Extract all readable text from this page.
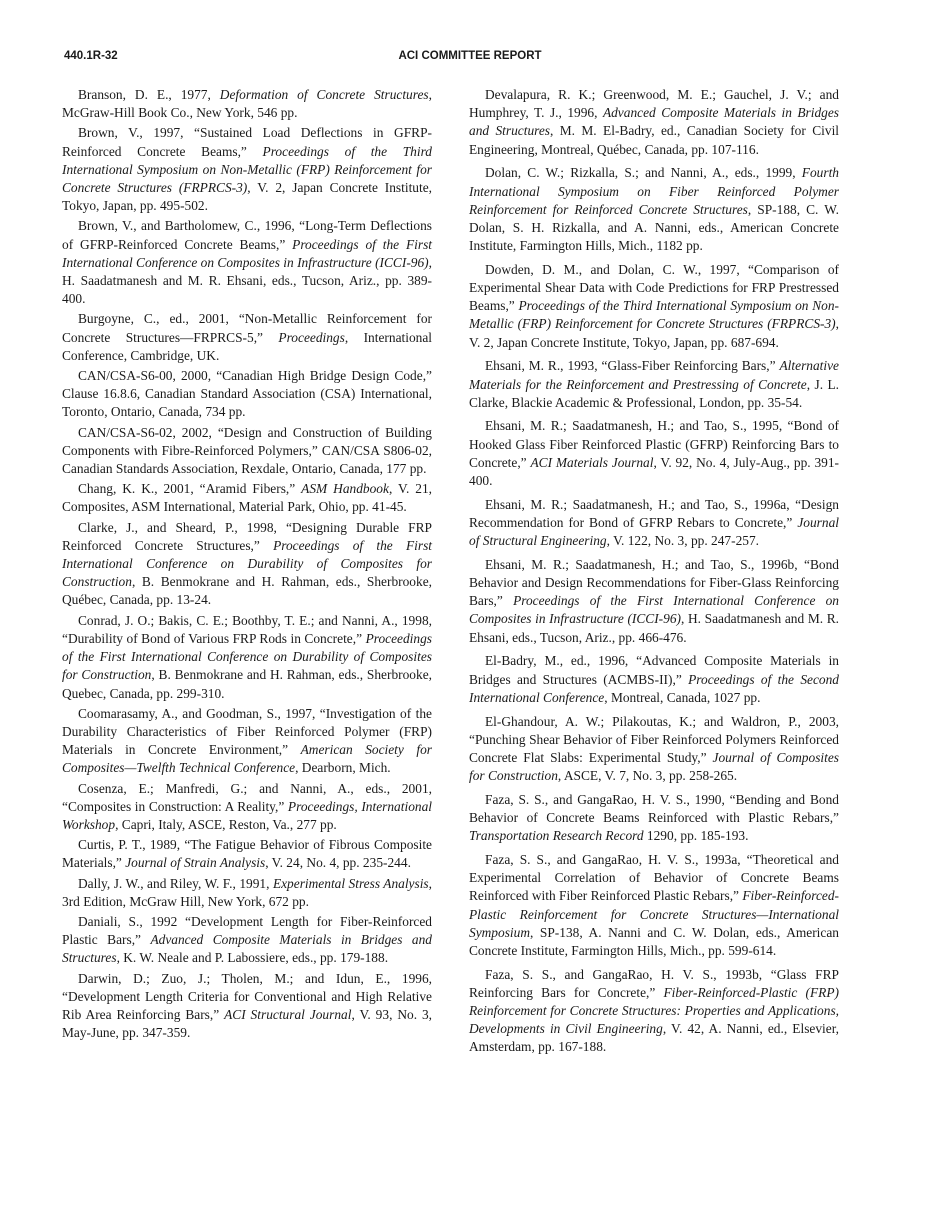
440.1R-32	ACI COMMITTEE REPORT

Branson, D. E., 1977, Deformation of Concrete Structures, McGraw-Hill Book Co., New York, 546 pp.

Brown, V., 1997, “Sustained Load Deflections in GFRP-Reinforced Concrete Beams,” Proceedings of the Third International Symposium on Non-Metallic (FRP) Reinforcement for Concrete Structures (FRPRCS-3), V. 2, Japan Concrete Institute, Tokyo, Japan, pp. 495-502.

Brown, V., and Bartholomew, C., 1996, “Long-Term Deflections of GFRP-Reinforced Concrete Beams,” Proceedings of the First International Conference on Composites in Infrastructure (ICCI-96), H. Saadatmanesh and M. R. Ehsani, eds., Tucson, Ariz., pp. 389-400.

Burgoyne, C., ed., 2001, “Non-Metallic Reinforcement for Concrete Structures—FRPRCS-5,” Proceedings, International Conference, Cambridge, UK.

CAN/CSA-S6-00, 2000, “Canadian High Bridge Design Code,” Clause 16.8.6, Canadian Standard Association (CSA) International, Toronto, Ontario, Canada, 734 pp.

CAN/CSA-S6-02, 2002, “Design and Construction of Building Components with Fibre-Reinforced Polymers,” CAN/CSA S806-02, Canadian Standards Association, Rexdale, Ontario, Canada, 177 pp.

Chang, K. K., 2001, “Aramid Fibers,” ASM Handbook, V. 21, Composites, ASM International, Material Park, Ohio, pp. 41-45.

Clarke, J., and Sheard, P., 1998, “Designing Durable FRP Reinforced Concrete Structures,” Proceedings of the First International Conference on Durability of Composites for Construction, B. Benmokrane and H. Rahman, eds., Sherbrooke, Québec, Canada, pp. 13-24.

Conrad, J. O.; Bakis, C. E.; Boothby, T. E.; and Nanni, A., 1998, “Durability of Bond of Various FRP Rods in Concrete,” Proceedings of the First International Conference on Durability of Composites for Construction, B. Benmokrane and H. Rahman, eds., Sherbrooke, Quebec, Canada, pp. 299-310.

Coomarasamy, A., and Goodman, S., 1997, “Investigation of the Durability Characteristics of Fiber Reinforced Polymer (FRP) Materials in Concrete Environment,” American Society for Composites—Twelfth Technical Conference, Dearborn, Mich.

Cosenza, E.; Manfredi, G.; and Nanni, A., eds., 2001, “Composites in Construction: A Reality,” Proceedings, International Workshop, Capri, Italy, ASCE, Reston, Va., 277 pp.

Curtis, P. T., 1989, “The Fatigue Behavior of Fibrous Composite Materials,” Journal of Strain Analysis, V. 24, No. 4, pp. 235-244.

Dally, J. W., and Riley, W. F., 1991, Experimental Stress Analysis, 3rd Edition, McGraw Hill, New York, 672 pp.

Daniali, S., 1992 “Development Length for Fiber-Reinforced Plastic Bars,” Advanced Composite Materials in Bridges and Structures, K. W. Neale and P. Labossiere, eds., pp. 179-188.

Darwin, D.; Zuo, J.; Tholen, M.; and Idun, E., 1996, “Development Length Criteria for Conventional and High Relative Rib Area Reinforcing Bars,” ACI Structural Journal, V. 93, No. 3, May-June, pp. 347-359.

Devalapura, R. K.; Greenwood, M. E.; Gauchel, J. V.; and Humphrey, T. J., 1996, Advanced Composite Materials in Bridges and Structures, M. M. El-Badry, ed., Canadian Society for Civil Engineering, Montreal, Québec, Canada, pp. 107-116.

Dolan, C. W.; Rizkalla, S.; and Nanni, A., eds., 1999, Fourth International Symposium on Fiber Reinforced Polymer Reinforcement for Reinforced Concrete Structures, SP-188, C. W. Dolan, S. H. Rizkalla, and A. Nanni, eds., American Concrete Institute, Farmington Hills, Mich., 1182 pp.

Dowden, D. M., and Dolan, C. W., 1997, “Comparison of Experimental Shear Data with Code Predictions for FRP Prestressed Beams,” Proceedings of the Third International Symposium on Non-Metallic (FRP) Reinforcement for Concrete Structures (FRPRCS-3), V. 2, Japan Concrete Institute, Tokyo, Japan, pp. 687-694.

Ehsani, M. R., 1993, “Glass-Fiber Reinforcing Bars,” Alternative Materials for the Reinforcement and Prestressing of Concrete, J. L. Clarke, Blackie Academic & Professional, London, pp. 35-54.

Ehsani, M. R.; Saadatmanesh, H.; and Tao, S., 1995, “Bond of Hooked Glass Fiber Reinforced Plastic (GFRP) Reinforcing Bars to Concrete,” ACI Materials Journal, V. 92, No. 4, July-Aug., pp. 391-400.

Ehsani, M. R.; Saadatmanesh, H.; and Tao, S., 1996a, “Design Recommendation for Bond of GFRP Rebars to Concrete,” Journal of Structural Engineering, V. 122, No. 3, pp. 247-257.

Ehsani, M. R.; Saadatmanesh, H.; and Tao, S., 1996b, “Bond Behavior and Design Recommendations for Fiber-Glass Reinforcing Bars,” Proceedings of the First International Conference on Composites in Infrastructure (ICCI-96), H. Saadatmanesh and M. R. Ehsani, eds., Tucson, Ariz., pp. 466-476.

El-Badry, M., ed., 1996, “Advanced Composite Materials in Bridges and Structures (ACMBS-II),” Proceedings of the Second International Conference, Montreal, Canada, 1027 pp.

El-Ghandour, A. W.; Pilakoutas, K.; and Waldron, P., 2003, “Punching Shear Behavior of Fiber Reinforced Polymers Reinforced Concrete Flat Slabs: Experimental Study,” Journal of Composites for Construction, ASCE, V. 7, No. 3, pp. 258-265.

Faza, S. S., and GangaRao, H. V. S., 1990, “Bending and Bond Behavior of Concrete Beams Reinforced with Plastic Rebars,” Transportation Research Record 1290, pp. 185-193.

Faza, S. S., and GangaRao, H. V. S., 1993a, “Theoretical and Experimental Correlation of Behavior of Concrete Beams Reinforced with Fiber Reinforced Plastic Rebars,” Fiber-Reinforced-Plastic Reinforcement for Concrete Structures—International Symposium, SP-138, A. Nanni and C. W. Dolan, eds., American Concrete Institute, Farmington Hills, Mich., pp. 599-614.

Faza, S. S., and GangaRao, H. V. S., 1993b, “Glass FRP Reinforcing Bars for Concrete,” Fiber-Reinforced-Plastic (FRP) Reinforcement for Concrete Structures: Properties and Applications, Developments in Civil Engineering, V. 42, A. Nanni, ed., Elsevier, Amsterdam, pp. 167-188.
